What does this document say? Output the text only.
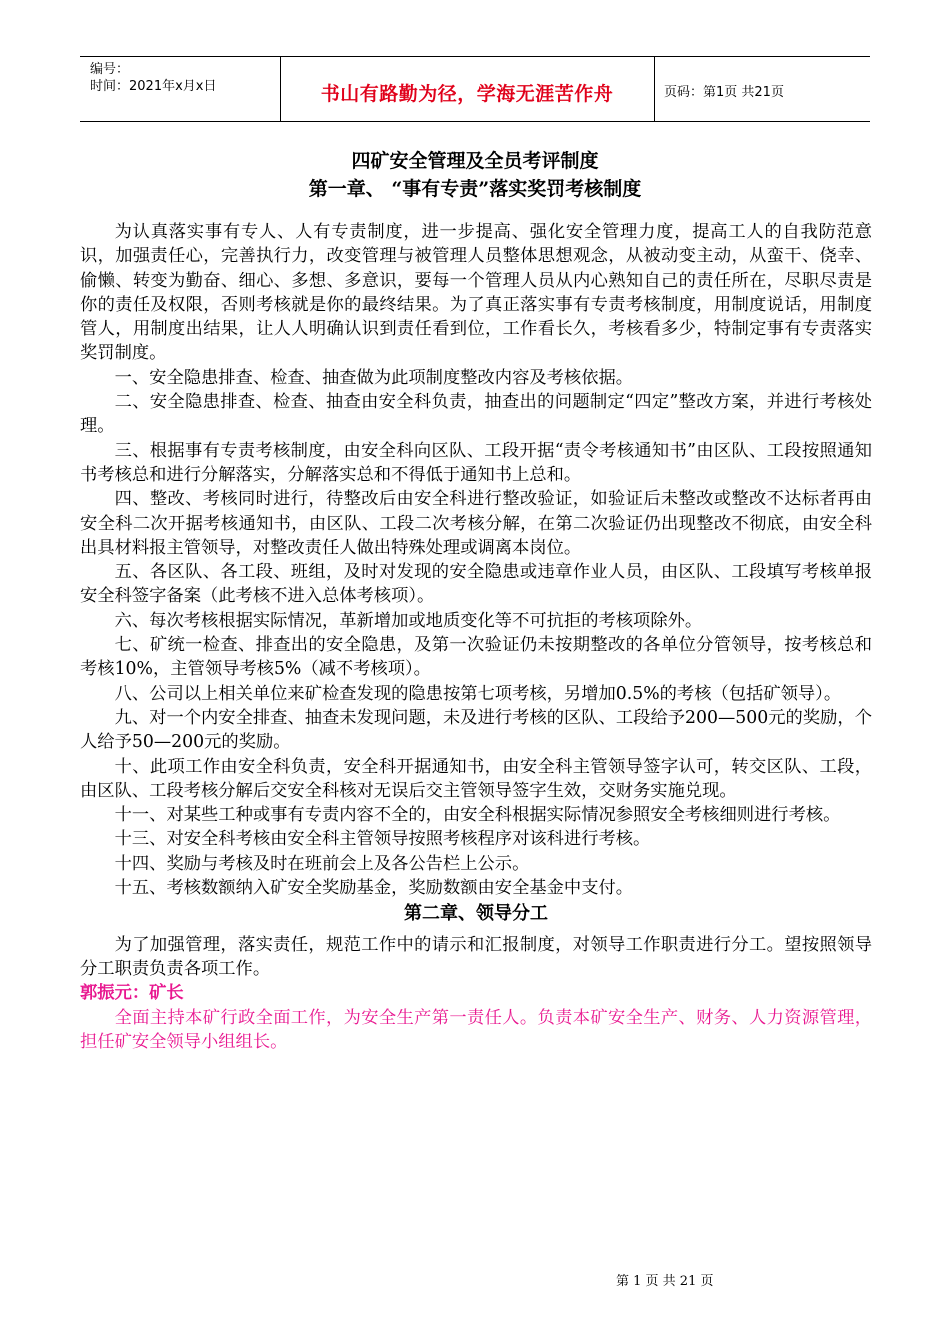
编号：
时间：2021年x月x日	书山有路勤为径，学海无涯苦作舟	页码：第1页 共21页
四矿安全管理及全员考评制度
第一章、 “事有专责”落实奖罚考核制度

为认真落实事有专人、人有专责制度，进一步提高、强化安全管理力度，提高工人的自我防范意识，加强责任心，完善执行力，改变管理与被管理人员整体思想观念，从被动变主动，从蛮干、侥幸、偷懒、转变为勤奋、细心、多想、多意识，要每一个管理人员从内心熟知自己的责任所在，尽职尽责是你的责任及权限，否则考核就是你的最终结果。为了真正落实事有专责考核制度，用制度说话，用制度管人，用制度出结果，让人人明确认识到责任看到位，工作看长久，考核看多少，特制定事有专责落实奖罚制度。

一、安全隐患排查、检查、抽查做为此项制度整改内容及考核依据。

二、安全隐患排查、检查、抽查由安全科负责，抽查出的问题制定“四定”整改方案，并进行考核处理。

三、根据事有专责考核制度，由安全科向区队、工段开据“责令考核通知书”由区队、工段按照通知书考核总和进行分解落实，分解落实总和不得低于通知书上总和。

四、整改、考核同时进行，待整改后由安全科进行整改验证，如验证后未整改或整改不达标者再由安全科二次开据考核通知书，由区队、工段二次考核分解，在第二次验证仍出现整改不彻底，由安全科出具材料报主管领导，对整改责任人做出特殊处理或调离本岗位。

五、各区队、各工段、班组，及时对发现的安全隐患或违章作业人员，由区队、工段填写考核单报安全科签字备案（此考核不进入总体考核项）。

六、每次考核根据实际情况，革新增加或地质变化等不可抗拒的考核项除外。

七、矿统一检查、排查出的安全隐患，及第一次验证仍未按期整改的各单位分管领导，按考核总和考核10%，主管领导考核5%（减不考核项）。

八、公司以上相关单位来矿检查发现的隐患按第七项考核，另增加0.5%的考核（包括矿领导）。

九、对一个内安全排查、抽查未发现问题，未及进行考核的区队、工段给予200—500元的奖励，个人给予50—200元的奖励。

十、此项工作由安全科负责，安全科开据通知书，由安全科主管领导签字认可，转交区队、工段，由区队、工段考核分解后交安全科核对无误后交主管领导签字生效，交财务实施兑现。

十一、对某些工种或事有专责内容不全的，由安全科根据实际情况参照安全考核细则进行考核。

十三、对安全科考核由安全科主管领导按照考核程序对该科进行考核。

十四、奖励与考核及时在班前会上及各公告栏上公示。

十五、考核数额纳入矿安全奖励基金，奖励数额由安全基金中支付。

第二章、领导分工

为了加强管理，落实责任，规范工作中的请示和汇报制度，对领导工作职责进行分工。望按照领导分工职责负责各项工作。

郭振元：矿长

全面主持本矿行政全面工作，为安全生产第一责任人。负责本矿安全生产、财务、人力资源管理，担任矿安全领导小组组长。

第 1 页 共 21 页
